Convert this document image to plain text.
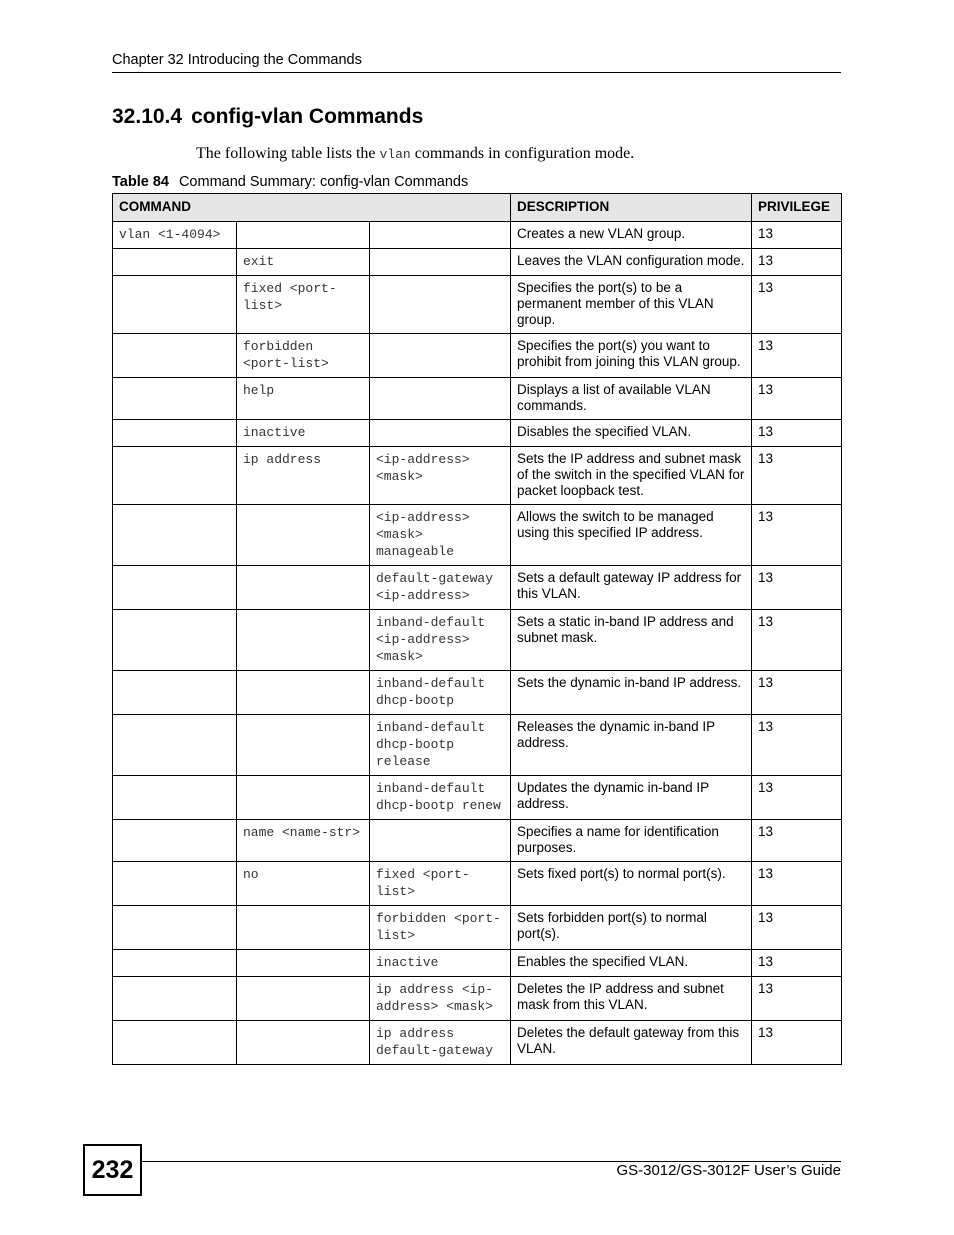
Chapter 32 Introducing the Commands
32.10.4 config-vlan Commands
The following table lists the vlan commands in configuration mode.
Table 84 Command Summary: config-vlan Commands
COMMAND			DESCRIPTION	PRIVILEGE
vlan <1-4094>			Creates a new VLAN group.	13
	exit		Leaves the VLAN configuration mode.	13
	fixed <port-list>		Specifies the port(s) to be a permanent member of this VLAN group.	13
	forbidden <port-list>		Specifies the port(s) you want to prohibit from joining this VLAN group.	13
	help		Displays a list of available VLAN commands.	13
	inactive		Disables the specified VLAN.	13
	ip address	<ip-address> <mask>	Sets the IP address and subnet mask of the switch in the specified VLAN for packet loopback test.	13
		<ip-address> <mask> manageable	Allows the switch to be managed using this specified IP address.	13
		default-gateway <ip-address>	Sets a default gateway IP address for this VLAN.	13
		inband-default <ip-address> <mask>	Sets a static in-band IP address and subnet mask.	13
		inband-default dhcp-bootp	Sets the dynamic in-band IP address.	13
		inband-default dhcp-bootp release	Releases the dynamic in-band IP address.	13
		inband-default dhcp-bootp renew	Updates the dynamic in-band IP address.	13
	name <name-str>		Specifies a name for identification purposes.	13
	no	fixed <port-list>	Sets fixed port(s) to normal port(s).	13
		forbidden <port-list>	Sets forbidden port(s) to normal port(s).	13
		inactive	Enables the specified VLAN.	13
		ip address <ip-address> <mask>	Deletes the IP address and subnet mask from this VLAN.	13
		ip address default-gateway	Deletes the default gateway from this VLAN.	13
232	GS-3012/GS-3012F User’s Guide
